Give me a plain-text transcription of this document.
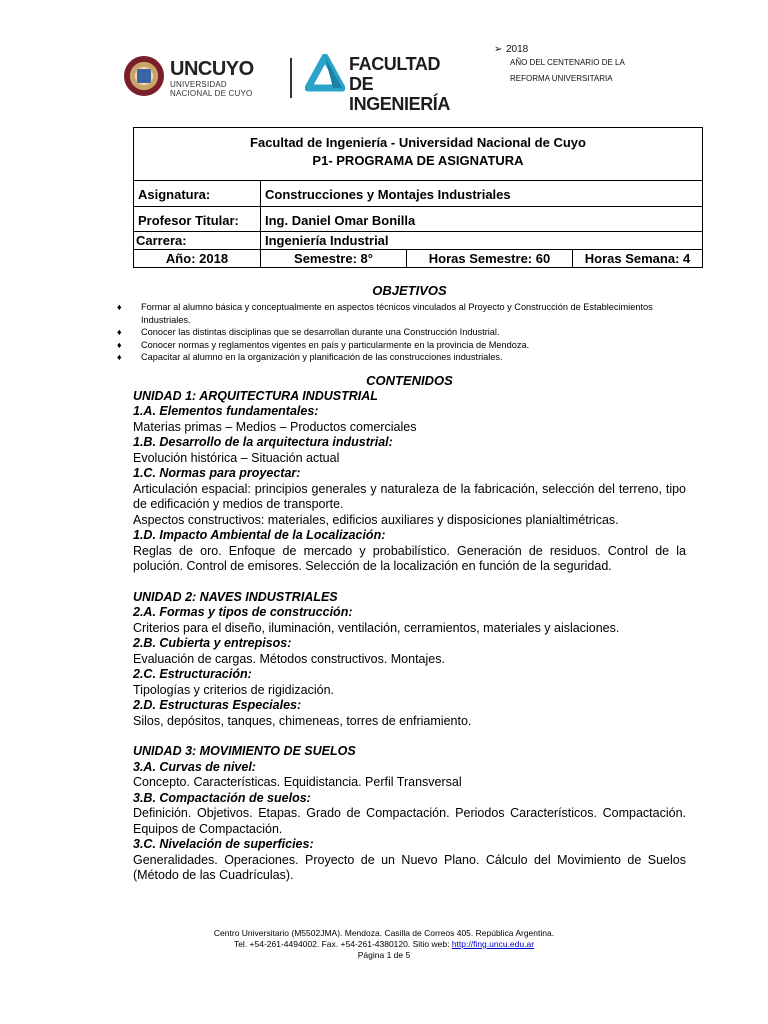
UNCUYO
UNIVERSIDAD
NACIONAL DE CUYO
FACULTAD
DE INGENIERÍA
➢ 2018
AÑO DEL CENTENARIO DE LA
REFORMA UNIVERSITARIA
Facultad de Ingeniería - Universidad Nacional de Cuyo
P1- PROGRAMA DE ASIGNATURA
Asignatura:	Construcciones y Montajes Industriales
Profesor Titular:	Ing. Daniel Omar Bonilla
Carrera:	Ingeniería Industrial
Año: 2018	Semestre: 8°	Horas Semestre: 60	Horas Semana: 4
OBJETIVOS
♦ Formar al alumno básica y conceptualmente en aspectos técnicos vinculados al Proyecto y Construcción de Establecimientos Industriales.
♦ Conocer las distintas disciplinas que se desarrollan durante una Construcción Industrial.
♦ Conocer normas y reglamentos vigentes en país y particularmente en la provincia de Mendoza.
♦ Capacitar al alumno en la organización y planificación de las construcciones industriales.
CONTENIDOS
UNIDAD 1: ARQUITECTURA INDUSTRIAL
1.A. Elementos fundamentales:
Materias primas – Medios – Productos comerciales
1.B. Desarrollo de la arquitectura industrial:
Evolución histórica – Situación actual
1.C. Normas para proyectar:
Articulación espacial: principios generales y naturaleza de la fabricación, selección del terreno, tipo de edificación y medios de transporte.
Aspectos constructivos: materiales, edificios auxiliares y disposiciones planialtimétricas.
1.D. Impacto Ambiental de la Localización:
Reglas de oro. Enfoque de mercado y probabilístico. Generación de residuos. Control de la polución. Control de emisores. Selección de la localización en función de la seguridad.
UNIDAD 2: NAVES INDUSTRIALES
2.A. Formas y tipos de construcción:
Criterios para el diseño, iluminación, ventilación, cerramientos, materiales y aislaciones.
2.B. Cubierta y entrepisos:
Evaluación de cargas. Métodos constructivos. Montajes.
2.C. Estructuración:
Tipologías y criterios de rigidización.
2.D. Estructuras Especiales:
Silos, depósitos, tanques, chimeneas, torres de enfriamiento.
UNIDAD 3: MOVIMIENTO DE SUELOS
3.A. Curvas de nivel:
Concepto. Características. Equidistancia. Perfil Transversal
3.B. Compactación de suelos:
Definición. Objetivos. Etapas. Grado de Compactación. Periodos Característicos. Compactación. Equipos de Compactación.
3.C. Nivelación de superficies:
Generalidades. Operaciones. Proyecto de un Nuevo Plano. Cálculo del Movimiento de Suelos (Método de las Cuadrículas).
Centro Universitario (M5502JMA). Mendoza. Casilla de Correos 405. República Argentina.
Tel. +54-261-4494002. Fax. +54-261-4380120. Sitio web: http://fing.uncu.edu.ar
Página 1 de 5
